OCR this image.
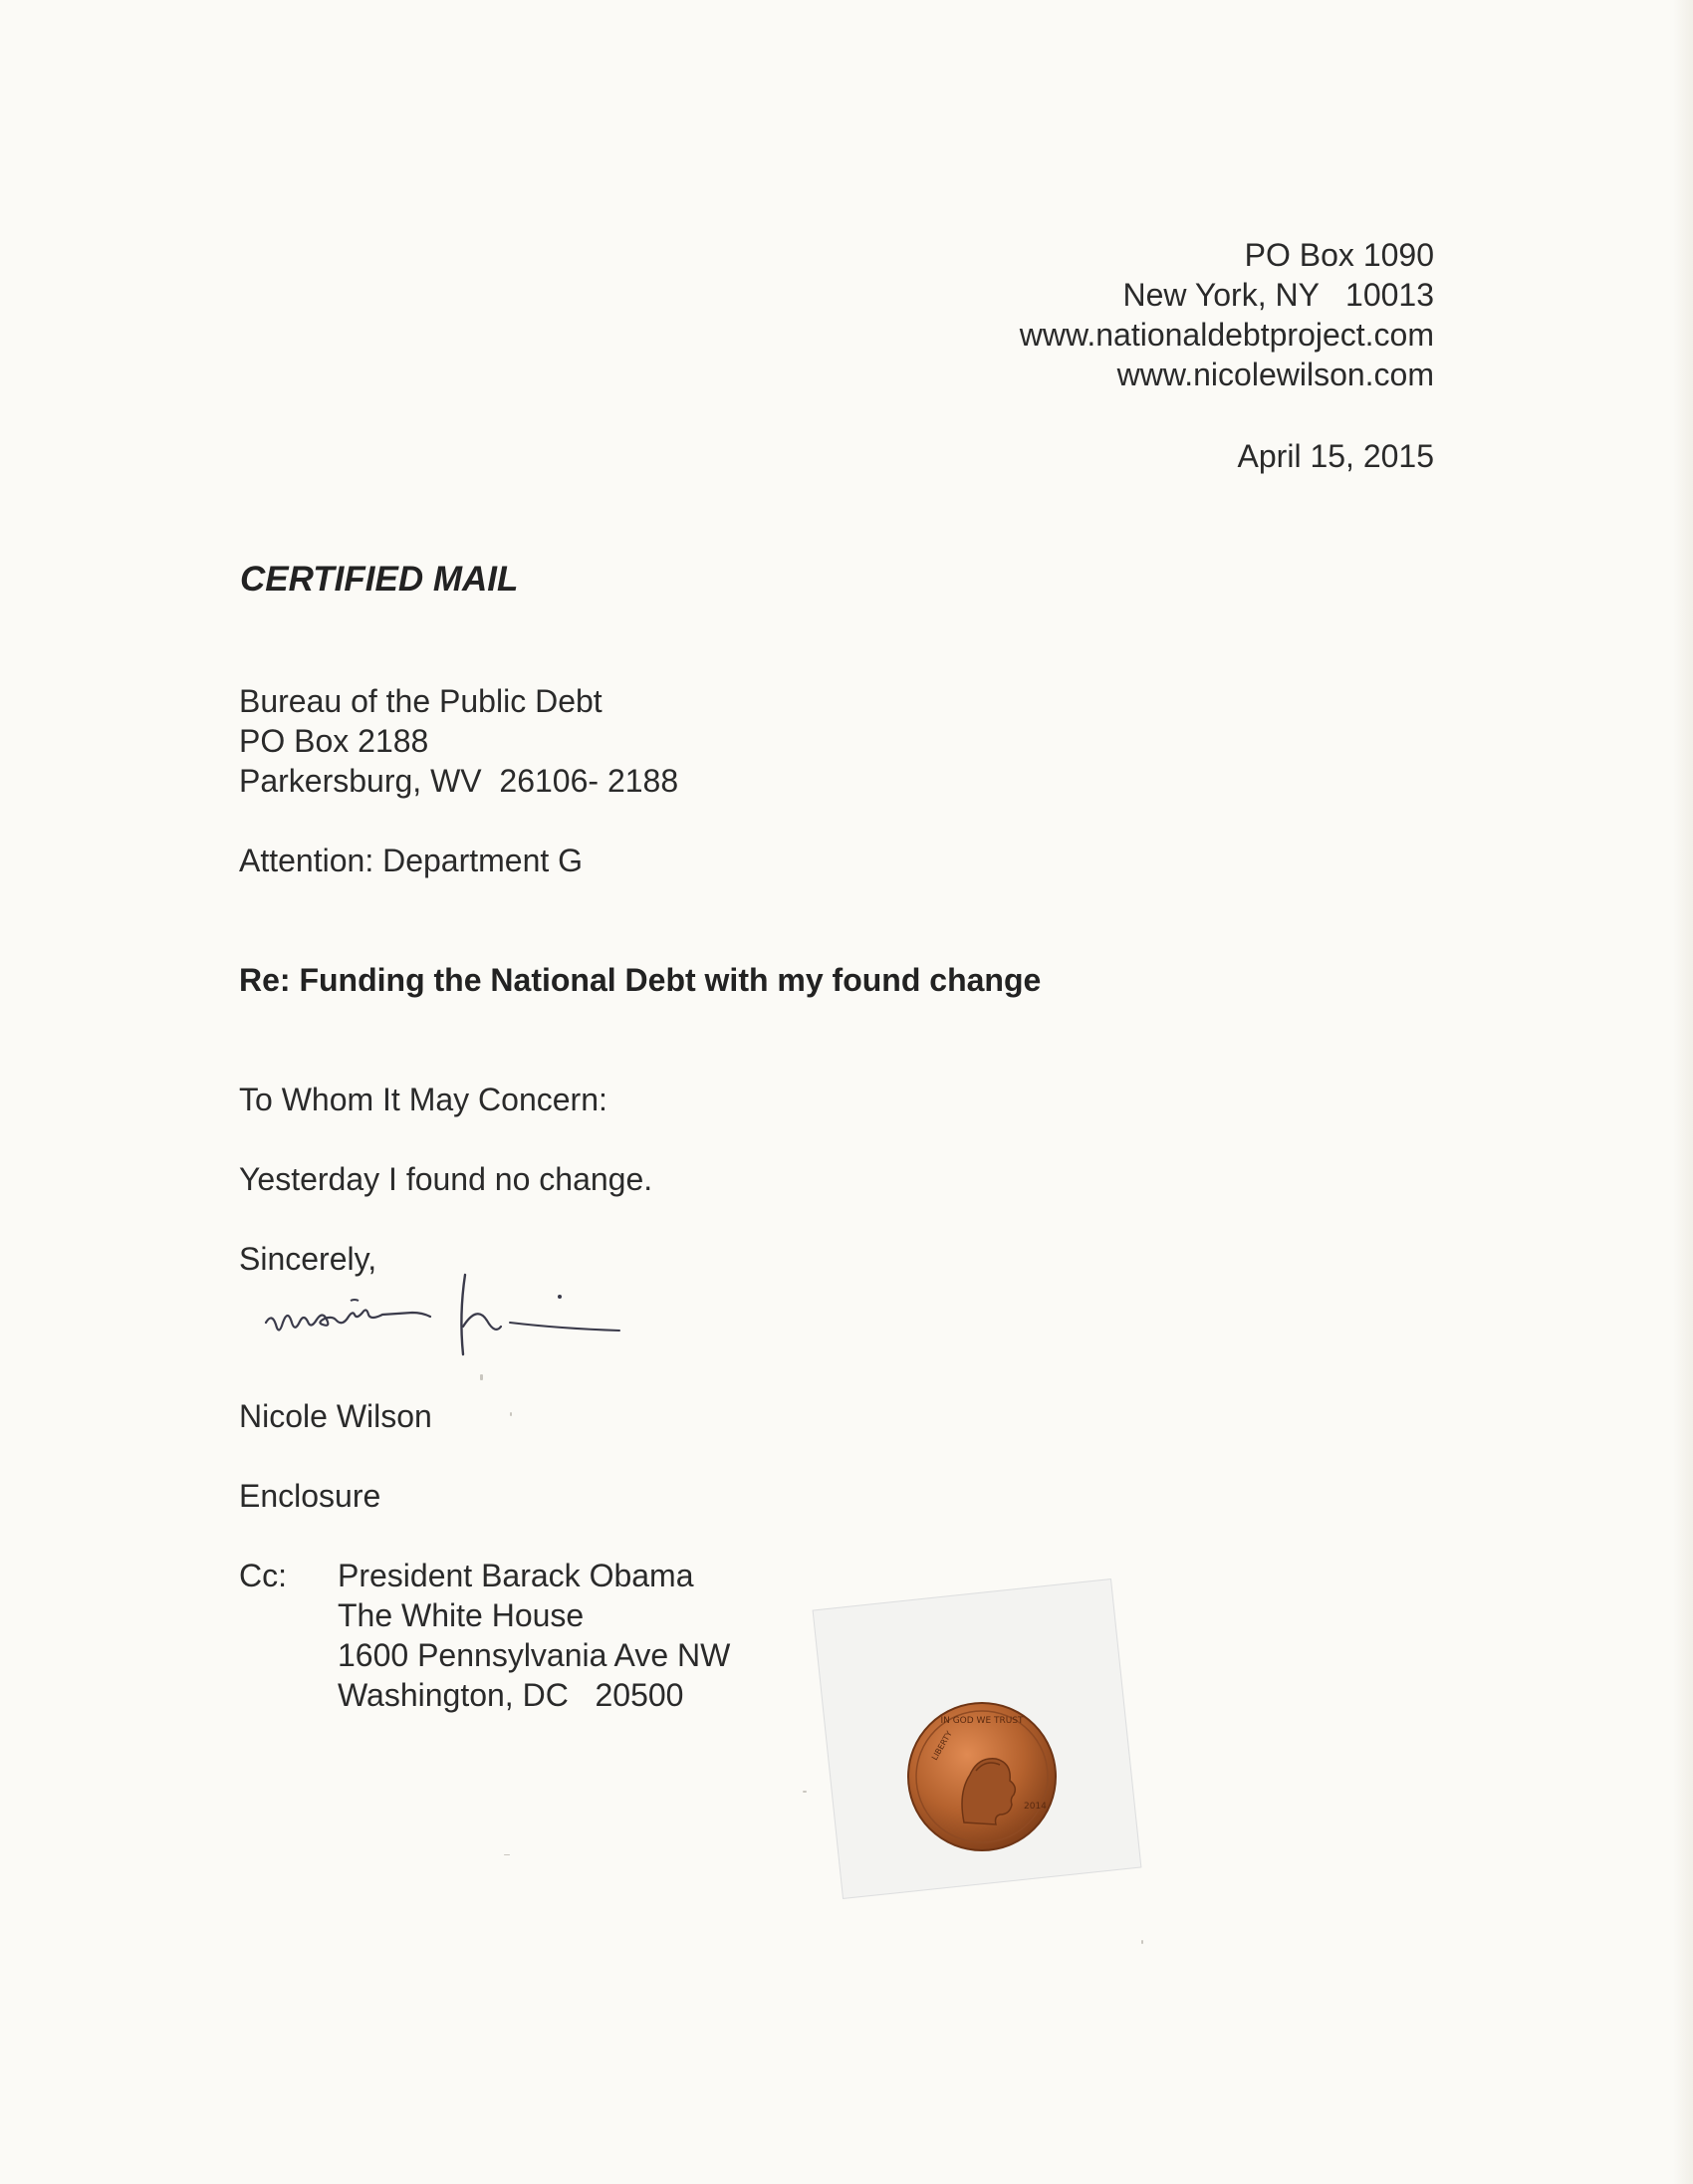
PO Box 1090
New York, NY   10013
www.nationaldebtproject.com
www.nicolewilson.com
April 15, 2015
CERTIFIED MAIL
Bureau of the Public Debt
PO Box 2188
Parkersburg, WV  26106- 2188
Attention: Department G
Re: Funding the National Debt with my found change
To Whom It May Concern:
Yesterday I found no change.
Sincerely,
Nicole Wilson
Enclosure
Cc: President Barack Obama
The White House
1600 Pennsylvania Ave NW
Washington, DC   20500
IN GOD WE TRUST
LIBERTY
2014
